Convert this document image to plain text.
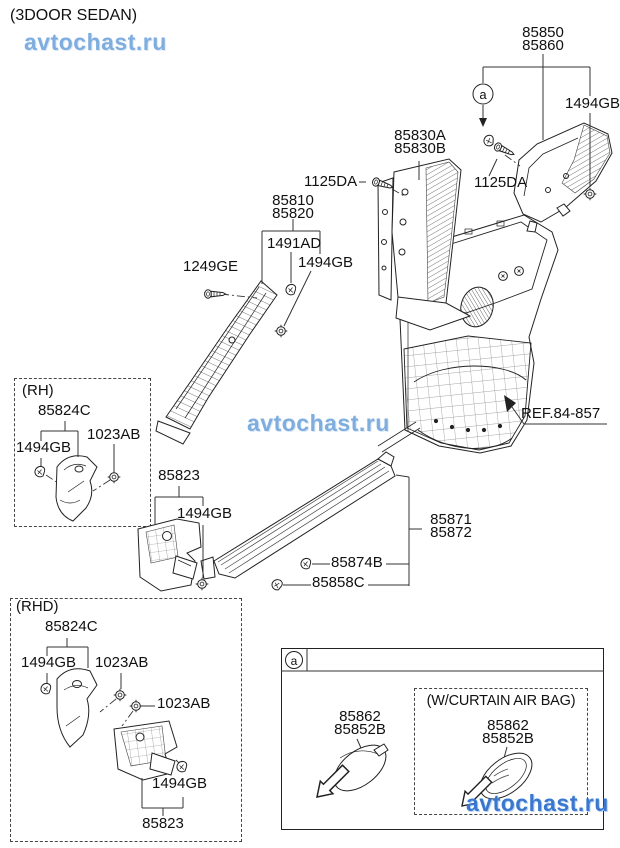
a
a
(3DOOR SEDAN)
avtochast.ru
avtochast.ru
avtochast.ru
85850
85860
1494GB
85830A
85830B
1125DA
1125DA
85810
85820
1491AD
1494GB
1249GE
REF.84-857
(RH)
85824C
1494GB
1023AB
85823
1494GB	85871
85872
85874B
85858C
(RHD)
85824C
1494GB 1023AB
1023AB
1494GB
85823
(W/CURTAIN AIR BAG)
85862
85852B	85862
85852B
